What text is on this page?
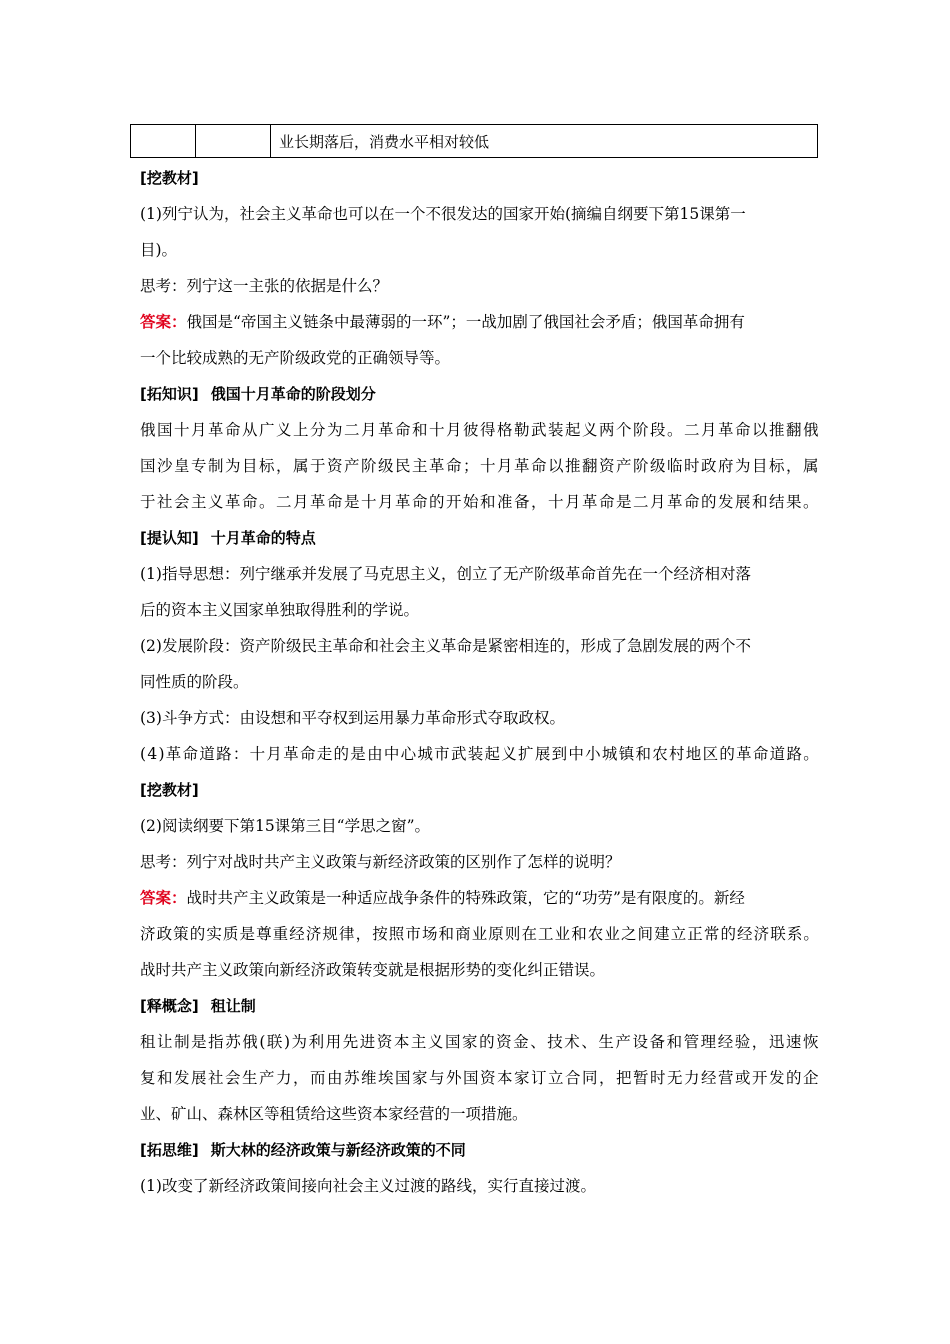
		业长期落后，消费水平相对较低
[挖教材]
(1)列宁认为，社会主义革命也可以在一个不很发达的国家开始(摘编自纲要下第15课第一
目)。
思考：列宁这一主张的依据是什么？
答案：俄国是“帝国主义链条中最薄弱的一环”；一战加剧了俄国社会矛盾；俄国革命拥有
一个比较成熟的无产阶级政党的正确领导等。
[拓知识] 俄国十月革命的阶段划分
俄国十月革命从广义上分为二月革命和十月彼得格勒武装起义两个阶段。二月革命以推翻俄
国沙皇专制为目标，属于资产阶级民主革命；十月革命以推翻资产阶级临时政府为目标，属
于社会主义革命。二月革命是十月革命的开始和准备，十月革命是二月革命的发展和结果。
[提认知] 十月革命的特点
(1)指导思想：列宁继承并发展了马克思主义，创立了无产阶级革命首先在一个经济相对落
后的资本主义国家单独取得胜利的学说。
(2)发展阶段：资产阶级民主革命和社会主义革命是紧密相连的，形成了急剧发展的两个不
同性质的阶段。
(3)斗争方式：由设想和平夺权到运用暴力革命形式夺取政权。
(4)革命道路：十月革命走的是由中心城市武装起义扩展到中小城镇和农村地区的革命道路。
[挖教材]
(2)阅读纲要下第15课第三目“学思之窗”。
思考：列宁对战时共产主义政策与新经济政策的区别作了怎样的说明？
答案：战时共产主义政策是一种适应战争条件的特殊政策，它的“功劳”是有限度的。新经
济政策的实质是尊重经济规律，按照市场和商业原则在工业和农业之间建立正常的经济联系。
战时共产主义政策向新经济政策转变就是根据形势的变化纠正错误。
[释概念] 租让制
租让制是指苏俄(联)为利用先进资本主义国家的资金、技术、生产设备和管理经验，迅速恢
复和发展社会生产力，而由苏维埃国家与外国资本家订立合同，把暂时无力经营或开发的企
业、矿山、森林区等租赁给这些资本家经营的一项措施。
[拓思维] 斯大林的经济政策与新经济政策的不同
(1)改变了新经济政策间接向社会主义过渡的路线，实行直接过渡。
